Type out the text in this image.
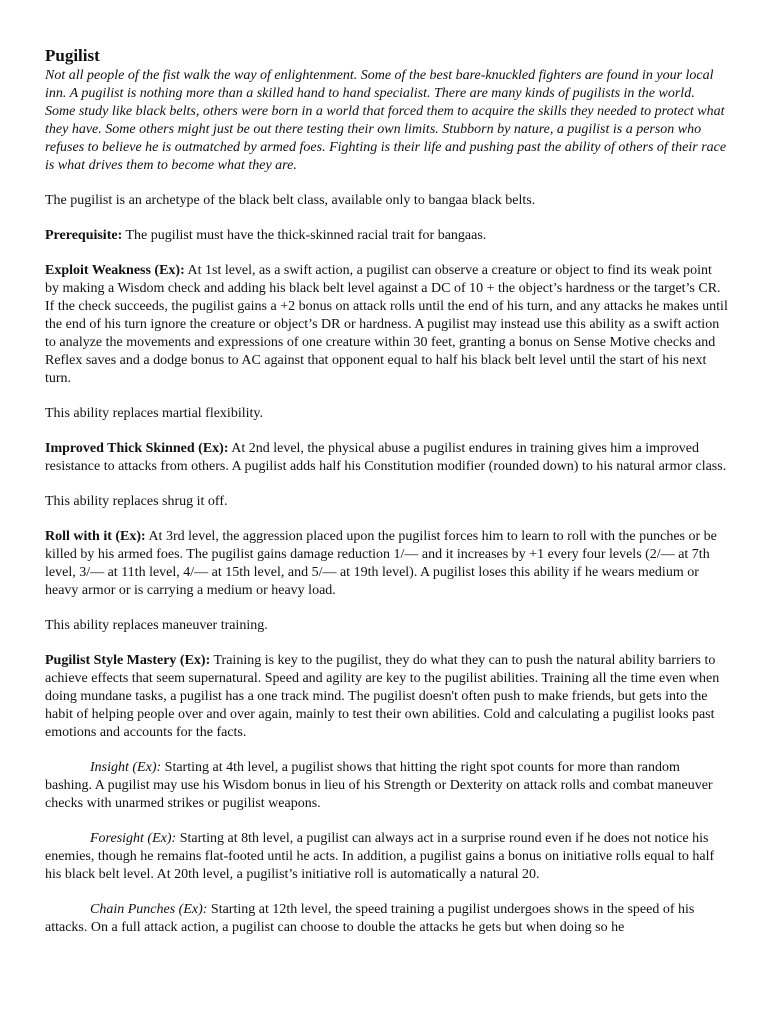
Pugilist

Not all people of the fist walk the way of enlightenment. Some of the best bare-knuckled fighters are found in your local inn. A pugilist is nothing more than a skilled hand to hand specialist. There are many kinds of pugilists in the world. Some study like black belts, others were born in a world that forced them to acquire the skills they needed to protect what they have. Some others might just be out there testing their own limits. Stubborn by nature, a pugilist is a person who refuses to believe he is outmatched by armed foes. Fighting is their life and pushing past the ability of others of their race is what drives them to become what they are.

The pugilist is an archetype of the black belt class, available only to bangaa black belts.

Prerequisite: The pugilist must have the thick-skinned racial trait for bangaas.

Exploit Weakness (Ex): At 1st level, as a swift action, a pugilist can observe a creature or object to find its weak point by making a Wisdom check and adding his black belt level against a DC of 10 + the object’s hardness or the target’s CR. If the check succeeds, the pugilist gains a +2 bonus on attack rolls until the end of his turn, and any attacks he makes until the end of his turn ignore the creature or object’s DR or hardness. A pugilist may instead use this ability as a swift action to analyze the movements and expressions of one creature within 30 feet, granting a bonus on Sense Motive checks and Reflex saves and a dodge bonus to AC against that opponent equal to half his black belt level until the start of his next turn.

This ability replaces martial flexibility.

Improved Thick Skinned (Ex): At 2nd level, the physical abuse a pugilist endures in training gives him a improved resistance to attacks from others. A pugilist adds half his Constitution modifier (rounded down) to his natural armor class.

This ability replaces shrug it off.

Roll with it (Ex): At 3rd level, the aggression placed upon the pugilist forces him to learn to roll with the punches or be killed by his armed foes. The pugilist gains damage reduction 1/— and it increases by +1 every four levels (2/— at 7th level, 3/— at 11th level, 4/— at 15th level, and 5/— at 19th level). A pugilist loses this ability if he wears medium or heavy armor or is carrying a medium or heavy load.

This ability replaces maneuver training.

Pugilist Style Mastery (Ex): Training is key to the pugilist, they do what they can to push the natural ability barriers to achieve effects that seem supernatural. Speed and agility are key to the pugilist abilities. Training all the time even when doing mundane tasks, a pugilist has a one track mind. The pugilist doesn't often push to make friends, but gets into the habit of helping people over and over again, mainly to test their own abilities. Cold and calculating a pugilist looks past emotions and accounts for the facts.

Insight (Ex): Starting at 4th level, a pugilist shows that hitting the right spot counts for more than random bashing. A pugilist may use his Wisdom bonus in lieu of his Strength or Dexterity on attack rolls and combat maneuver checks with unarmed strikes or pugilist weapons.

Foresight (Ex): Starting at 8th level, a pugilist can always act in a surprise round even if he does not notice his enemies, though he remains flat-footed until he acts. In addition, a pugilist gains a bonus on initiative rolls equal to half his black belt level. At 20th level, a pugilist’s initiative roll is automatically a natural 20.

Chain Punches (Ex): Starting at 12th level, the speed training a pugilist undergoes shows in the speed of his attacks. On a full attack action, a pugilist can choose to double the attacks he gets but when doing so he
